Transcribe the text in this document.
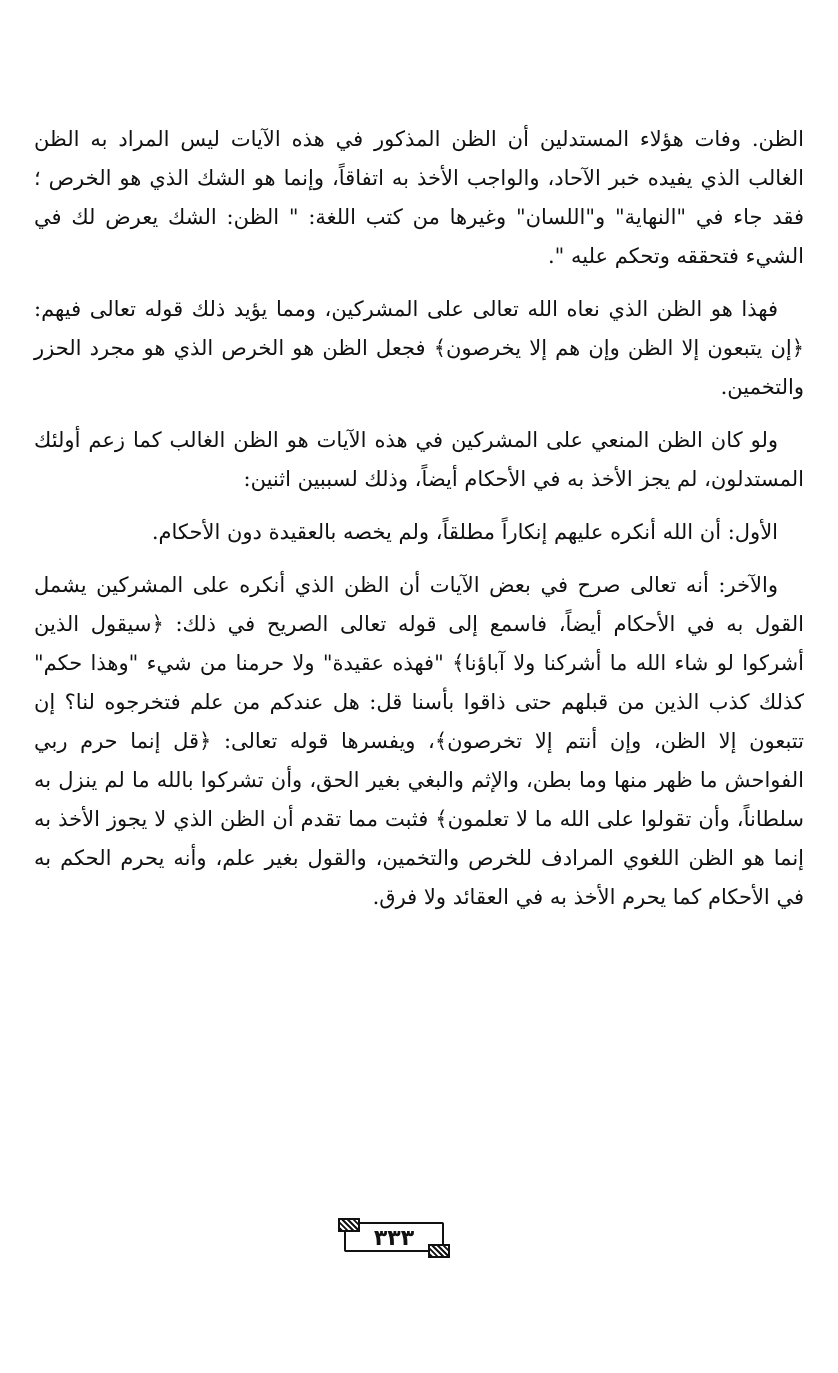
الظن. وفات هؤلاء المستدلين أن الظن المذكور في هذه الآيات ليس المراد به الظن الغالب الذي يفيده خبر الآحاد، والواجب الأخذ به اتفاقاً، وإنما هو الشك الذي هو الخرص ؛ فقد جاء في "النهاية" و"اللسان" وغيرها من كتب اللغة: " الظن: الشك يعرض لك في الشيء فتحققه وتحكم عليه ".

فهذا هو الظن الذي نعاه الله تعالى على المشركين، ومما يؤيد ذلك قوله تعالى فيهم: ﴿إن يتبعون إلا الظن وإن هم إلا يخرصون﴾ فجعل الظن هو الخرص الذي هو مجرد الحزر والتخمين.

ولو كان الظن المنعي على المشركين في هذه الآيات هو الظن الغالب كما زعم أولئك المستدلون، لم يجز الأخذ به في الأحكام أيضاً، وذلك لسببين اثنين:

الأول: أن الله أنكره عليهم إنكاراً مطلقاً، ولم يخصه بالعقيدة دون الأحكام.

والآخر: أنه تعالى صرح في بعض الآيات أن الظن الذي أنكره على المشركين يشمل القول به في الأحكام أيضاً، فاسمع إلى قوله تعالى الصريح في ذلك: ﴿سيقول الذين أشركوا لو شاء الله ما أشركنا ولا آباؤنا﴾ "فهذه عقيدة" ولا حرمنا من شيء "وهذا حكم" كذلك كذب الذين من قبلهم حتى ذاقوا بأسنا قل: هل عندكم من علم فتخرجوه لنا؟ إن تتبعون إلا الظن، وإن أنتم إلا تخرصون﴾، ويفسرها قوله تعالى: ﴿قل إنما حرم ربي الفواحش ما ظهر منها وما بطن، والإثم والبغي بغير الحق، وأن تشركوا بالله ما لم ينزل به سلطاناً، وأن تقولوا على الله ما لا تعلمون﴾ فثبت مما تقدم أن الظن الذي لا يجوز الأخذ به إنما هو الظن اللغوي المرادف للخرص والتخمين، والقول بغير علم، وأنه يحرم الحكم به في الأحكام كما يحرم الأخذ به في العقائد ولا فرق.

٣٣٣
